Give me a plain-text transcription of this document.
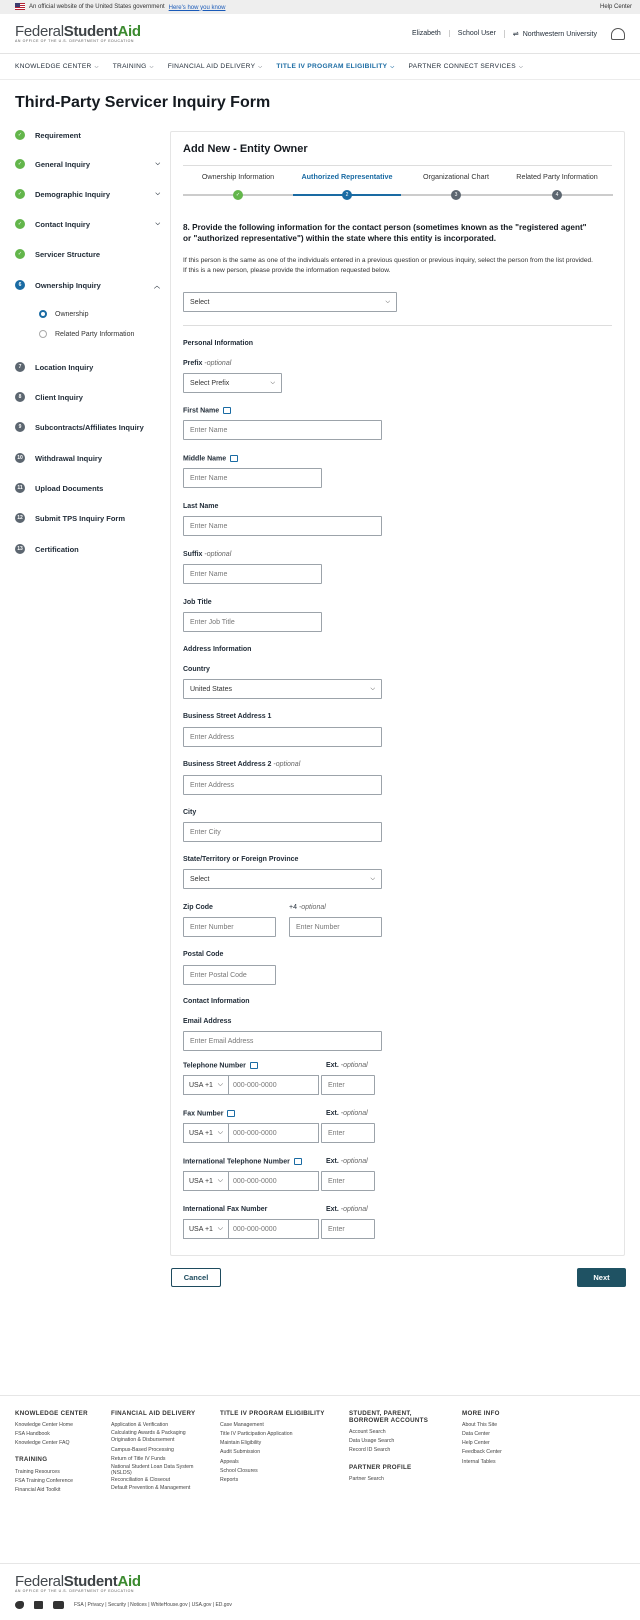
An official website of the United States government Here's how you know	Help Center
FederalStudentAid
AN OFFICE OF THE U.S. DEPARTMENT OF EDUCATION
Elizabeth	School User	⇌  Northwestern University
KNOWLEDGE CENTER ⌵ TRAINING ⌵ FINANCIAL AID DELIVERY ⌵ TITLE IV PROGRAM ELIGIBILITY ⌵ PARTNER CONNECT SERVICES ⌵
Third-Party Servicer Inquiry Form
✓	Requirement
✓	General Inquiry	⌵
✓	Demographic Inquiry	⌵
✓	Contact Inquiry	⌵
✓	Servicer Structure
6	Ownership Inquiry	︿
Ownership
Related Party Information
7	Location Inquiry
8	Client Inquiry
9	Subcontracts/Affiliates Inquiry
10 Withdrawal Inquiry
11	Upload Documents
12 Submit TPS Inquiry Form
13 Certification
Add New - Entity Owner
Ownership Information	Authorized Representative	Organizational Chart	Related Party Information
✓	2	3	4
8. Provide the following information for the contact person (sometimes known as the "registered agent" or "authorized representative") within the state where this entity is incorporated.
If this person is the same as one of the individuals entered in a previous question or previous inquiry, select the person from the list provided. If this is a new person, please provide the information requested below.
Select	⌵
Personal Information
Prefix -optional
Select Prefix	⌵
First Name
Enter Name
Middle Name
Enter Name
Last Name
Enter Name
Suffix -optional
Enter Name
Job Title
Enter Job Title
Address Information
Country
United States	⌵
Business Street Address 1
Enter Address
Business Street Address 2 -optional
Enter Address
City
Enter City
State/Territory or Foreign Province
Select	⌵
Zip Code	+4 -optional
Enter Number	Enter Number
Postal Code
Enter Postal Code
Contact Information
Email Address
Enter Email Address
Telephone Number	Ext. -optional
USA +1 ⌵	000-000-0000	Enter
Fax Number	Ext. -optional
USA +1 ⌵	000-000-0000	Enter
International Telephone Number	Ext. -optional
USA +1 ⌵	000-000-0000	Enter
International Fax Number	Ext. -optional
USA +1 ⌵	000-000-0000	Enter
Cancel	Next
KNOWLEDGE CENTER
Knowledge Center Home
FSA Handbook
Knowledge Center FAQ
TRAINING
Training Resources
FSA Training Conference
Financial Aid Toolkit
FINANCIAL AID DELIVERY
Application & Verification
Calculating Awards & Packaging
Origination & Disbursement
Campus-Based Processing
Return of Title IV Funds
National Student Loan Data System (NSLDS)
Reconciliation & Closeout
Default Prevention & Management
TITLE IV PROGRAM ELIGIBILITY
Case Management
Title IV Participation Application
Maintain Eligibility
Audit Submission
Appeals
School Closures
Reports
STUDENT, PARENT, BORROWER ACCOUNTS
Account Search
Data Usage Search
Record ID Search
PARTNER PROFILE
Partner Search
MORE INFO
About This Site
Data Center
Help Center
Feedback Center
Internal Tables
FederalStudentAid
AN OFFICE OF THE U.S. DEPARTMENT OF EDUCATION
FSA | Privacy | Security | Notices | WhiteHouse.gov | USA.gov | ED.gov
